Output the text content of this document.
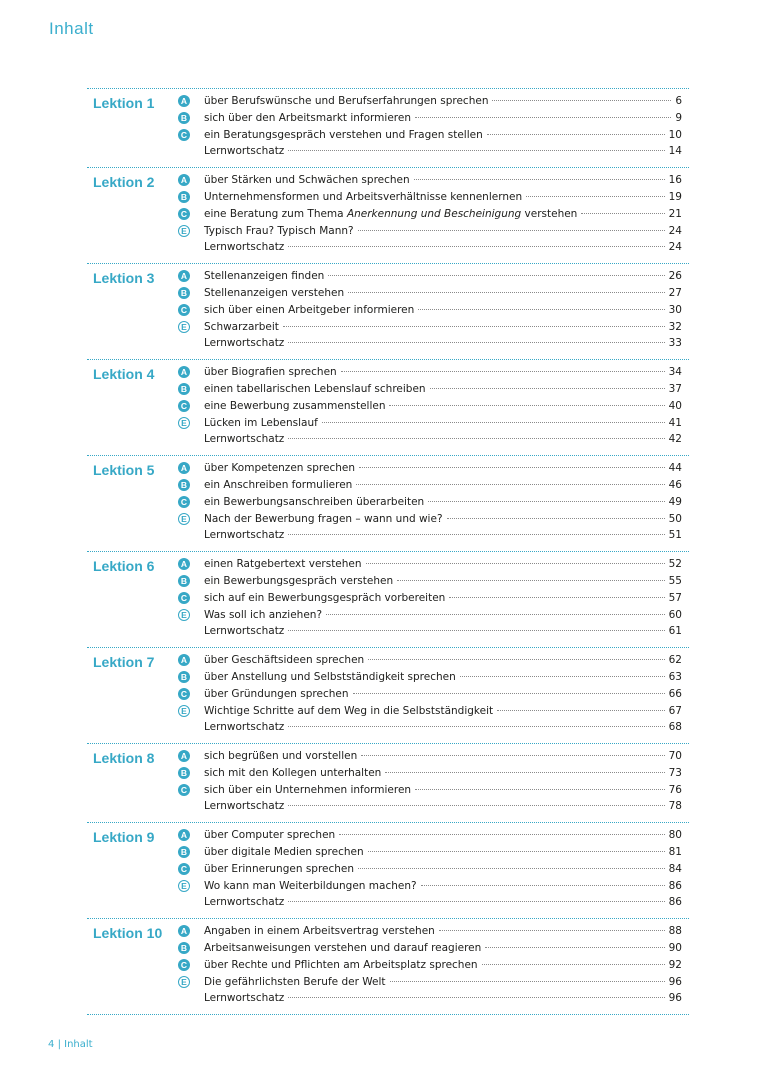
Inhalt
Lektion 1	A über Berufswünsche und Berufserfahrungen sprechen	6
B sich über den Arbeitsmarkt informieren	9
C ein Beratungsgespräch verstehen und Fragen stellen	10
Lernwortschatz	14
Lektion 2	A über Stärken und Schwächen sprechen	16
B Unternehmensformen und Arbeitsverhältnisse kennenlernen	19
C eine Beratung zum Thema Anerkennung und Bescheinigung verstehen	21
E	Typisch Frau? Typisch Mann?	24
Lernwortschatz	24
Lektion 3	A Stellenanzeigen finden	26
B Stellenanzeigen verstehen	27
C sich über einen Arbeitgeber informieren	30
E	Schwarzarbeit	32
Lernwortschatz	33
Lektion 4	A über Biografien sprechen	34
B einen tabellarischen Lebenslauf schreiben	37
C eine Bewerbung zusammenstellen	40
E	Lücken im Lebenslauf	41
Lernwortschatz	42
Lektion 5	A über Kompetenzen sprechen	44
B ein Anschreiben formulieren	46
C ein Bewerbungsanschreiben überarbeiten	49
E	Nach der Bewerbung fragen – wann und wie?	50
Lernwortschatz	51
Lektion 6	A einen Ratgebertext verstehen	52
B ein Bewerbungsgespräch verstehen	55
C sich auf ein Bewerbungsgespräch vorbereiten	57
E	Was soll ich anziehen?	60
Lernwortschatz	61
Lektion 7	A über Geschäftsideen sprechen	62
B über Anstellung und Selbstständigkeit sprechen	63
C über Gründungen sprechen	66
E	Wichtige Schritte auf dem Weg in die Selbstständigkeit	67
Lernwortschatz	68
Lektion 8	A sich begrüßen und vorstellen	70
B sich mit den Kollegen unterhalten	73
C sich über ein Unternehmen informieren	76
Lernwortschatz	78
Lektion 9	A über Computer sprechen	80
B über digitale Medien sprechen	81
C über Erinnerungen sprechen	84
E	Wo kann man Weiterbildungen machen?	86
Lernwortschatz	86
Lektion 10	A Angaben in einem Arbeitsvertrag verstehen	88
B Arbeitsanweisungen verstehen und darauf reagieren	90
C über Rechte und Pflichten am Arbeitsplatz sprechen	92
E	Die gefährlichsten Berufe der Welt	96
Lernwortschatz	96
4 | Inhalt
